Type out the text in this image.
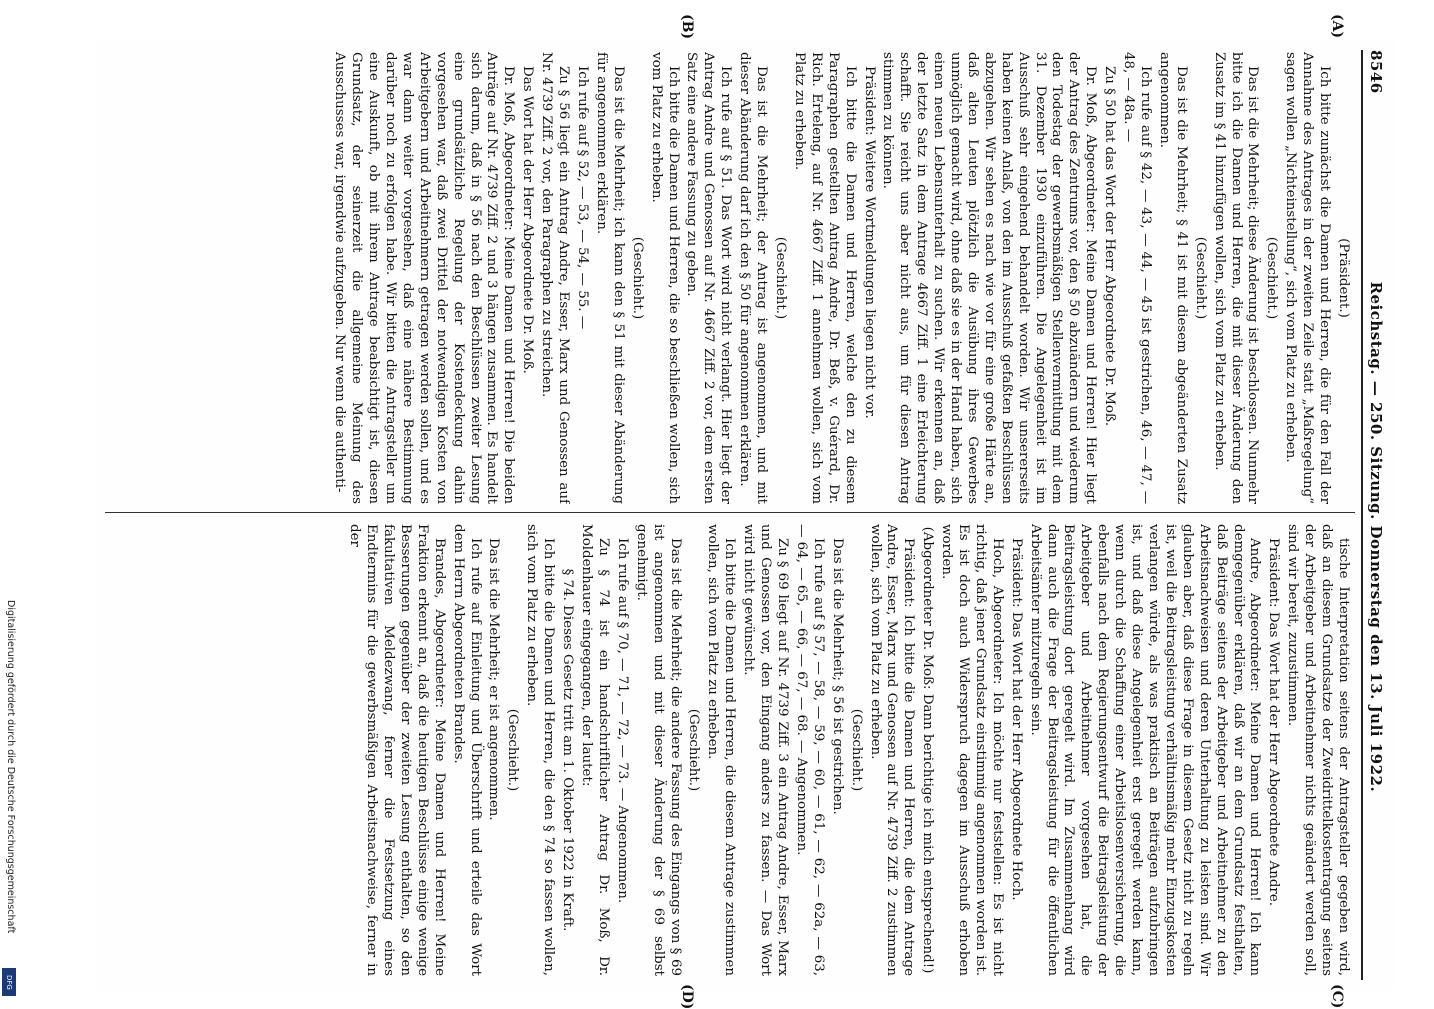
8546
Reichstag. — 250. Sitzung. Donnerstag den 13. Juli 1922.
(A)
(B)
(C)
(D)

(Präsident.)

Ich bitte zunächst die Damen und Herren, die für den Fall der Annahme des Antrages in der zweiten Zeile statt „Maßregelung“ sagen wollen „Nichteinstellung“, sich vom Platz zu erheben.

(Geschieht.)

Das ist die Mehrheit; diese Änderung ist beschlossen. Nunmehr bitte ich die Damen und Herren, die mit dieser Änderung den Zusatz im § 41 hinzufügen wollen, sich vom Platz zu erheben.

(Geschieht.)

Das ist die Mehrheit; § 41 ist mit diesem abgeänderten Zusatz angenommen.

Ich rufe auf § 42, — 43, — 44, — 45 ist gestrichen, 46, — 47, — 48, — 48a. —

Zu § 50 hat das Wort der Herr Abgeordnete Dr. Moß.

Dr. Moß, Abgeordneter: Meine Damen und Herren! Hier liegt der Antrag des Zentrums vor, den § 50 abzuändern und wiederum den Todestag der gewerbsmäßigen Stellenvermittlung mit dem 31. Dezember 1930 einzuführen. Die Angelegenheit ist im Ausschuß sehr eingehend behandelt worden. Wir unsererseits haben keinen Anlaß, von den im Ausschuß gefaßten Beschlüssen abzugehen. Wir sehen es nach wie vor für eine große Härte an, daß alten Leuten plötzlich die Ausübung ihres Gewerbes unmöglich gemacht wird, ohne daß sie es in der Hand haben, sich einen neuen Lebensunterhalt zu suchen. Wir erkennen an, daß der letzte Satz in dem Antrage 4667 Ziff. 1 eine Erleichterung schafft. Sie reicht uns aber nicht aus, um für diesen Antrag stimmen zu können.

Präsident: Weitere Wortmeldungen liegen nicht vor.

Ich bitte die Damen und Herren, welche den zu diesem Paragraphen gestellten Antrag Andre, Dr. Beß, v. Guérard, Dr. Rich. Erteleng, auf Nr. 4667 Ziff. 1 annehmen wollen, sich vom Platz zu erheben.

(Geschieht.)

Das ist die Mehrheit; der Antrag ist angenommen, und mit dieser Abänderung darf ich den § 50 für angenommen erklären.

Ich rufe auf § 51. Das Wort wird nicht verlangt. Hier liegt der Antrag Andre und Genossen auf Nr. 4667 Ziff. 2 vor, dem ersten Satz eine andere Fassung zu geben.

Ich bitte die Damen und Herren, die so beschließen wollen, sich vom Platz zu erheben.

(Geschieht.)

Das ist die Mehrheit; ich kann den § 51 mit dieser Abänderung für angenommen erklären.

Ich rufe auf § 52, — 53, — 54, — 55. —

Zu § 56 liegt ein Antrag Andre, Esser, Marx und Genossen auf Nr. 4739 Ziff. 2 vor, den Paragraphen zu streichen.

Das Wort hat der Herr Abgeordnete Dr. Moß.

Dr. Moß, Abgeordneter: Meine Damen und Herren! Die beiden Anträge auf Nr. 4739 Ziff. 2 und 3 hängen zusammen. Es handelt sich darum, daß in § 56 nach den Beschlüssen zweiter Lesung eine grundsätzliche Regelung der Kostendeckung dahin vorgesehen war, daß zwei Drittel der notwendigen Kosten von Arbeitgebern und Arbeitnehmern getragen werden sollen, und es war dann weiter vorgesehen, daß eine nähere Bestimmung darüber noch zu erfolgen habe. Wir bitten die Antragsteller um eine Auskunft, ob mit ihrem Antrage beabsichtigt ist, diesen Grundsatz, der seinerzeit die allgemeine Meinung des Ausschusses war, irgendwie aufzugeben. Nur wenn die authenti-

tische Interpretation seitens der Antragsteller gegeben wird, daß an diesem Grundsatze der Zweidrittelkostentragung seitens der Arbeitgeber und Arbeitnehmer nichts geändert werden soll, sind wir bereit, zuzustimmen.

Präsident: Das Wort hat der Herr Abgeordnete Andre.

Andre, Abgeordneter: Meine Damen und Herren! Ich kann demgegenüber erklären, daß wir an dem Grundsatz festhalten, daß Beiträge seitens der Arbeitgeber und Arbeitnehmer zu den Arbeitsnachweisen und deren Unterhaltung zu leisten sind. Wir glauben aber, daß diese Frage in diesem Gesetz nicht zu regeln ist, weil die Beitragsleistung verhältnismäßig mehr Einzugskosten verlangen würde, als was praktisch an Beiträgen aufzubringen ist, und daß diese Angelegenheit erst geregelt werden kann, wenn durch die Schaffung einer Arbeitslosenversicherung, die ebenfalls nach dem Regierungsentwurf die Beitragsleistung der Arbeitgeber und Arbeitnehmer vorgesehen hat, die Beitragsleistung dort geregelt wird. Im Zusammenhang wird dann auch die Frage der Beitragsleistung für die öffentlichen Arbeitsämter mitzuregeln sein.

Präsident: Das Wort hat der Herr Abgeordnete Hoch.

Hoch, Abgeordneter: Ich möchte nur feststellen: Es ist nicht richtig, daß jener Grundsatz einstimmig angenommen worden ist. Es ist doch auch Widerspruch dagegen im Ausschuß erhoben worden.

(Abgeordneter Dr. Moß: Dann berichtige ich mich entsprechend!)

Präsident: Ich bitte die Damen und Herren, die dem Antrage Andre, Esser, Marx und Genossen auf Nr. 4739 Ziff. 2 zustimmen wollen, sich vom Platz zu erheben.

(Geschieht.)

Das ist die Mehrheit; § 56 ist gestrichen.

Ich rufe auf § 57, — 58, — 59, — 60, — 61, — 62, — 62a, — 63, — 64, — 65, — 66, — 67, — 68. — Angenommen.

Zu § 69 liegt auf Nr. 4739 Ziff. 3 ein Antrag Andre, Esser, Marx und Genossen vor, den Eingang anders zu fassen. — Das Wort wird nicht gewünscht.

Ich bitte die Damen und Herren, die diesem Antrage zustimmen wollen, sich vom Platz zu erheben.

(Geschieht.)

Das ist die Mehrheit; die andere Fassung des Eingangs von § 69 ist angenommen und mit dieser Änderung der § 69 selbst genehmigt.

Ich rufe auf § 70, — 71, — 72, — 73. — Angenommen.

Zu § 74 ist ein handschriftlicher Antrag Dr. Moß, Dr. Moldenhauer eingegangen, der lautet:

§ 74. Dieses Gesetz tritt am 1. Oktober 1922 in Kraft.

Ich bitte die Damen und Herren, die den § 74 so fassen wollen, sich vom Platz zu erheben.

(Geschieht.)

Das ist die Mehrheit; er ist angenommen.

Ich rufe auf Einleitung und Überschrift und erteile das Wort dem Herrn Abgeordneten Brandes.

Brandes, Abgeordneter: Meine Damen und Herren! Meine Fraktion erkennt an, daß die heutigen Beschlüsse einige wenige Besserungen gegenüber der zweiten Lesung enthalten, so den fakultativen Meldezwang, ferner die Festsetzung eines Endtermins für die gewerbsmäßigen Arbeitsnachweise, ferner in der

Digitalisierung gefördert durch die Deutsche Forschungsgemeinschaft
DFG
